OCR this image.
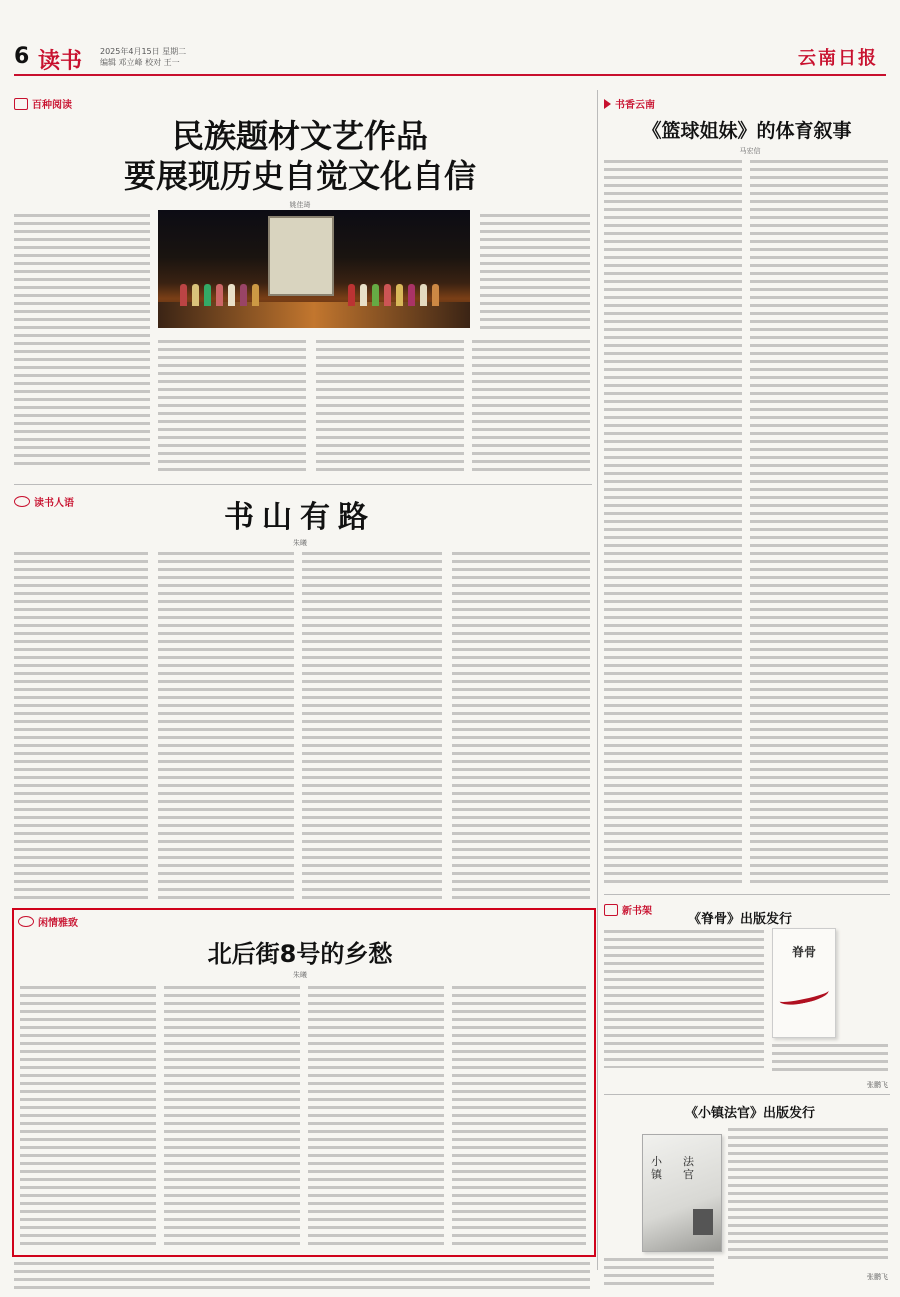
6 读书 2025年4月15日 星期二
编辑 邓立峰 校对 王一	云南日报
百种阅读
民族题材文艺作品
要展现历史自觉文化自信
姚佳琦
读书人语	书山有路
朱曦
闲情雅致
北后街8号的乡愁
朱曦
书香云南
《篮球姐妹》的体育叙事
马宏信
新书架
《脊骨》出版发行
脊骨
张鹏飞
《小镇法官》出版发行
小镇
法官
张鹏飞
